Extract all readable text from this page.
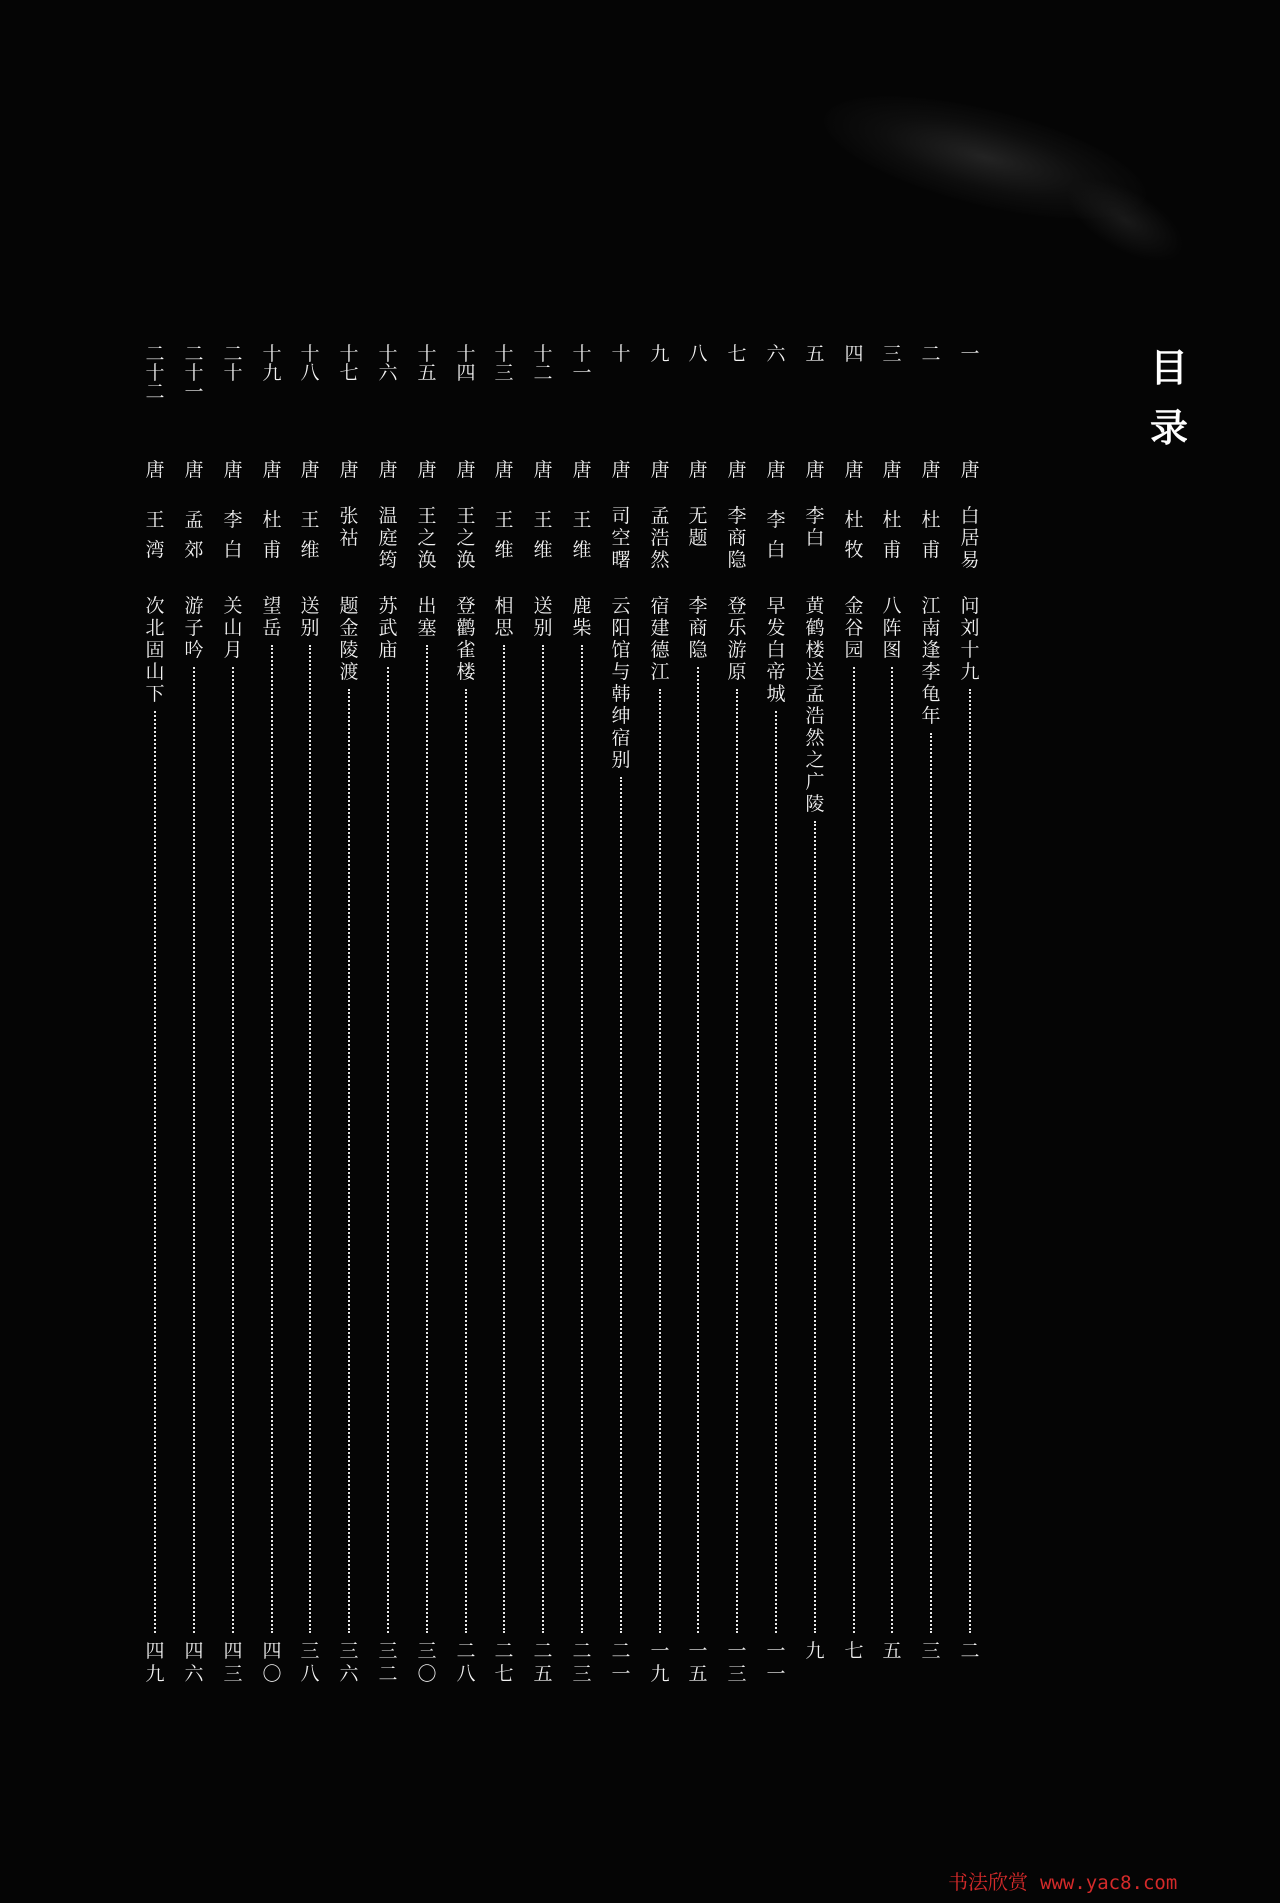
目
录
一
唐
白
居
易
问
刘
十
九
二
二
唐
杜
甫
江
南
逢
李
龟
年
三
三
唐
杜
甫
八
阵
图
五
四
唐
杜
牧
金
谷
园
七
五
唐
李
白
黄
鹤
楼
送
孟
浩
然
之
广
陵
九
六
唐
李
白
早
发
白
帝
城
一
一
七
唐
李
商
隐
登
乐
游
原
一
三
八
唐
无
题
李
商
隐
一
五
九
唐
孟
浩
然
宿
建
德
江
一
九
十
唐
司
空
曙
云
阳
馆
与
韩
绅
宿
别
二
一
十
一
唐
王
维
鹿
柴
二
三
十
二
唐
王
维
送
别
二
五
十
三
唐
王
维
相
思
二
七
十
四
唐
王
之
涣
登
鹳
雀
楼
二
八
十
五
唐
王
之
涣
出
塞
三
〇
十
六
唐
温
庭
筠
苏
武
庙
三
二
十
七
唐
张
祜
题
金
陵
渡
三
六
十
八
唐
王
维
送
别
三
八
十
九
唐
杜
甫
望
岳
四
〇
二
十
唐
李
白
关
山
月
四
三
二
十
一
唐
孟
郊
游
子
吟
四
六
二
十
二
唐
王
湾
次
北
固
山
下
四
九
书法欣赏 www.yac8.com
